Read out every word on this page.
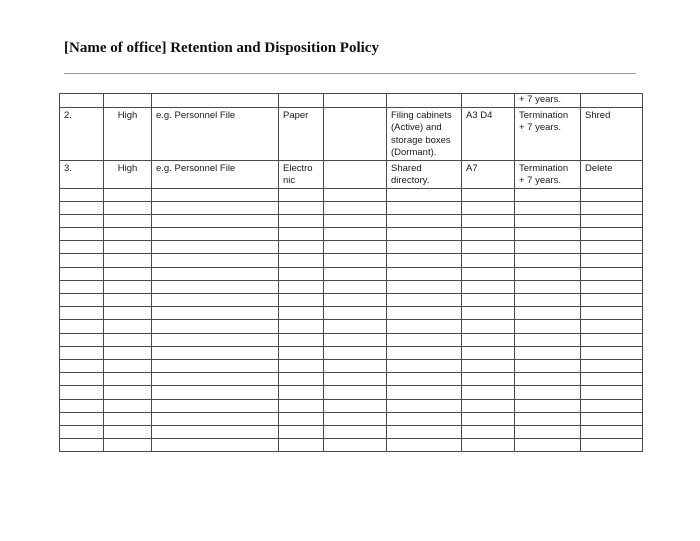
[Name of office] Retention and Disposition Policy
							+ 7 years.	
2.	High	e.g. Personnel File	Paper		Filing cabinets (Active) and storage boxes (Dormant).	A3 D4	Termination + 7 years.	Shred
3.	High	e.g. Personnel File	Electro nic		Shared directory.	A7	Termination + 7 years.	Delete
